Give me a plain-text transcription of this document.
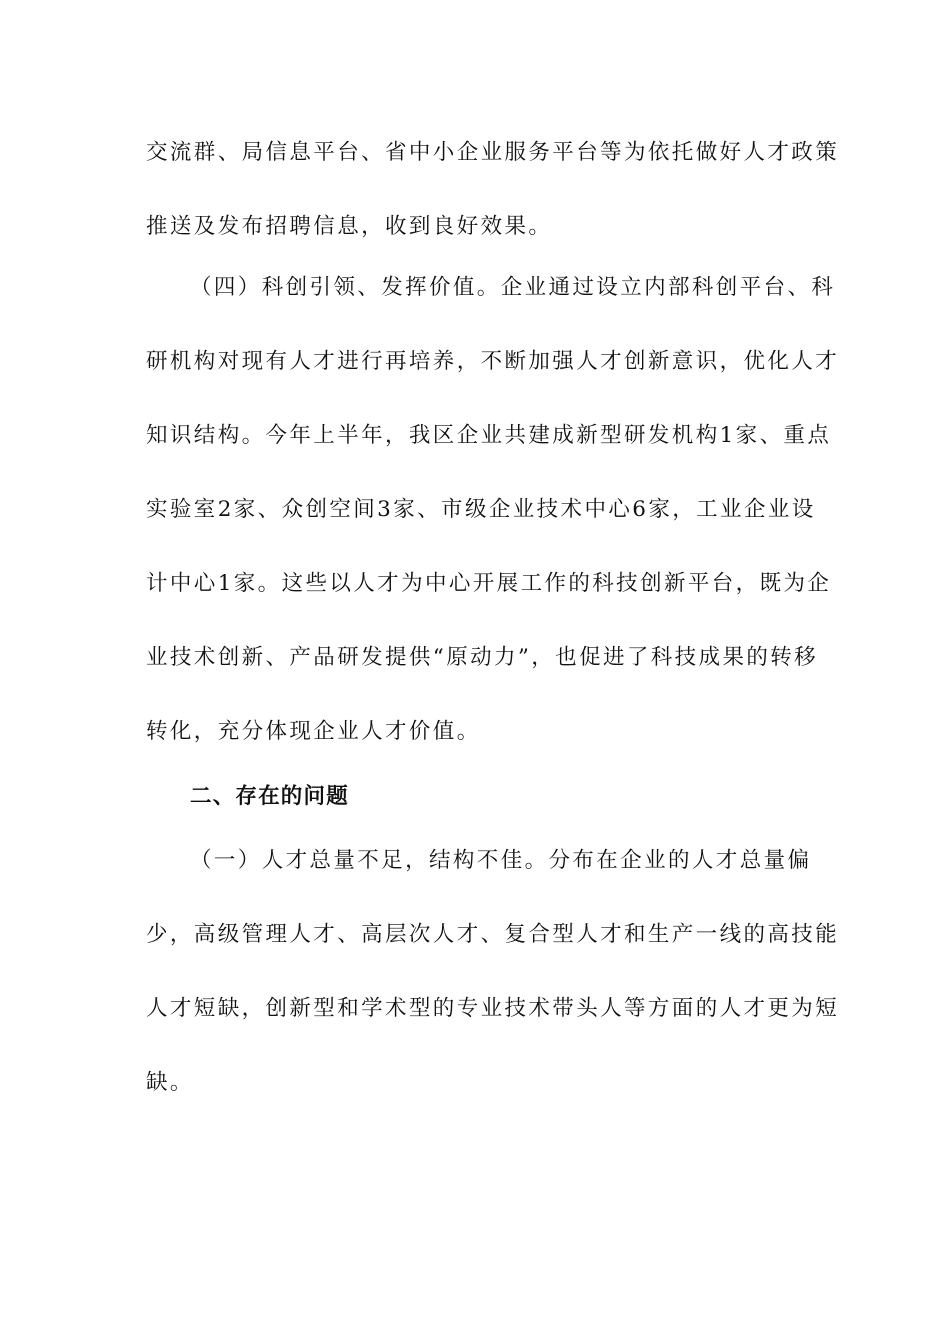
交流群、局信息平台、省中小企业服务平台等为依托做好人才政策
推送及发布招聘信息，收到良好效果。
（四）科创引领、发挥价值。企业通过设立内部科创平台、科
研机构对现有人才进行再培养，不断加强人才创新意识，优化人才
知识结构。今年上半年，我区企业共建成新型研发机构1家、重点
实验室2家、众创空间3家、市级企业技术中心6家，工业企业设
计中心1家。这些以人才为中心开展工作的科技创新平台，既为企
业技术创新、产品研发提供“原动力”，也促进了科技成果的转移
转化，充分体现企业人才价值。
二、存在的问题
（一）人才总量不足，结构不佳。分布在企业的人才总量偏
少，高级管理人才、高层次人才、复合型人才和生产一线的高技能
人才短缺，创新型和学术型的专业技术带头人等方面的人才更为短
缺。
